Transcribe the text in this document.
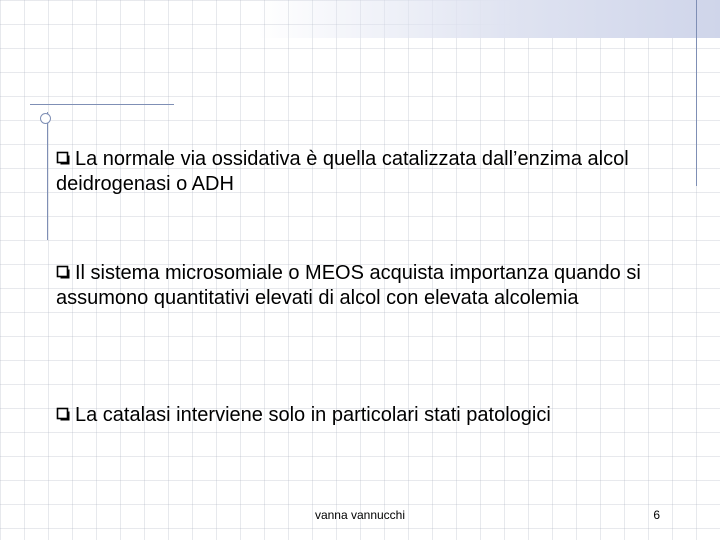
La normale via ossidativa è quella catalizzata dall’enzima alcol deidrogenasi o ADH
Il sistema microsomiale o MEOS acquista importanza quando si assumono quantitativi elevati di alcol con elevata alcolemia
La catalasi interviene solo in particolari stati patologici
vanna vannucchi	6
